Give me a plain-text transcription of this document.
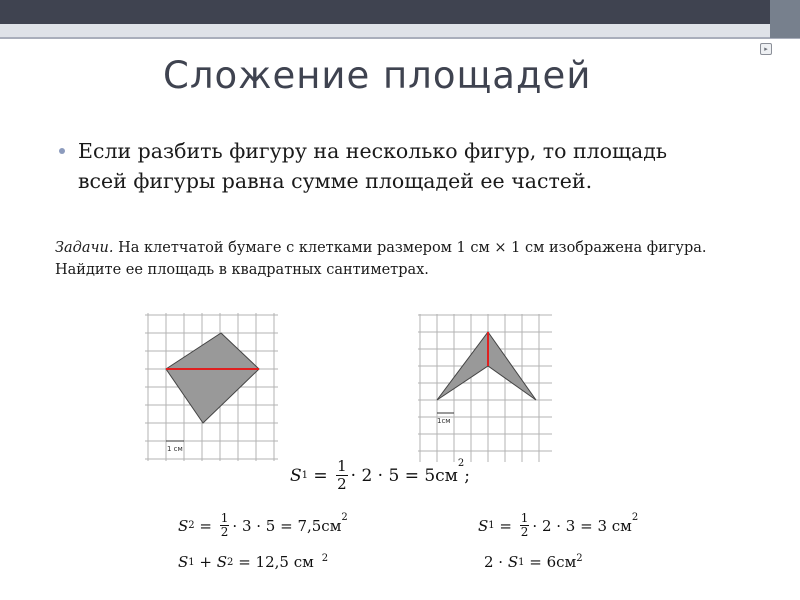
▸
Сложение площадей
Если разбить фигуру на несколько фигур, то площадь всей фигуры равна сумме площадей ее частей.
Задачи. На клетчатой бумаге с клетками размером 1 см × 1 см изображена фигура. Найдите ее площадь в квадратных сантиметрах.
1 см
1см
S $1 = \frac{1}{2} \cdot 2 \cdot 5 = 5см$
$^2$
;
S $2 = \frac{1}{2} \cdot 3 \cdot 5 = 7,5см^2$	S $1 = \frac{1}{2} \cdot 2 \cdot 3 = 3$ $см^2$
S 1 + S 2 = 12,5 см $^2$	2 · S $1 = 6см^2$
